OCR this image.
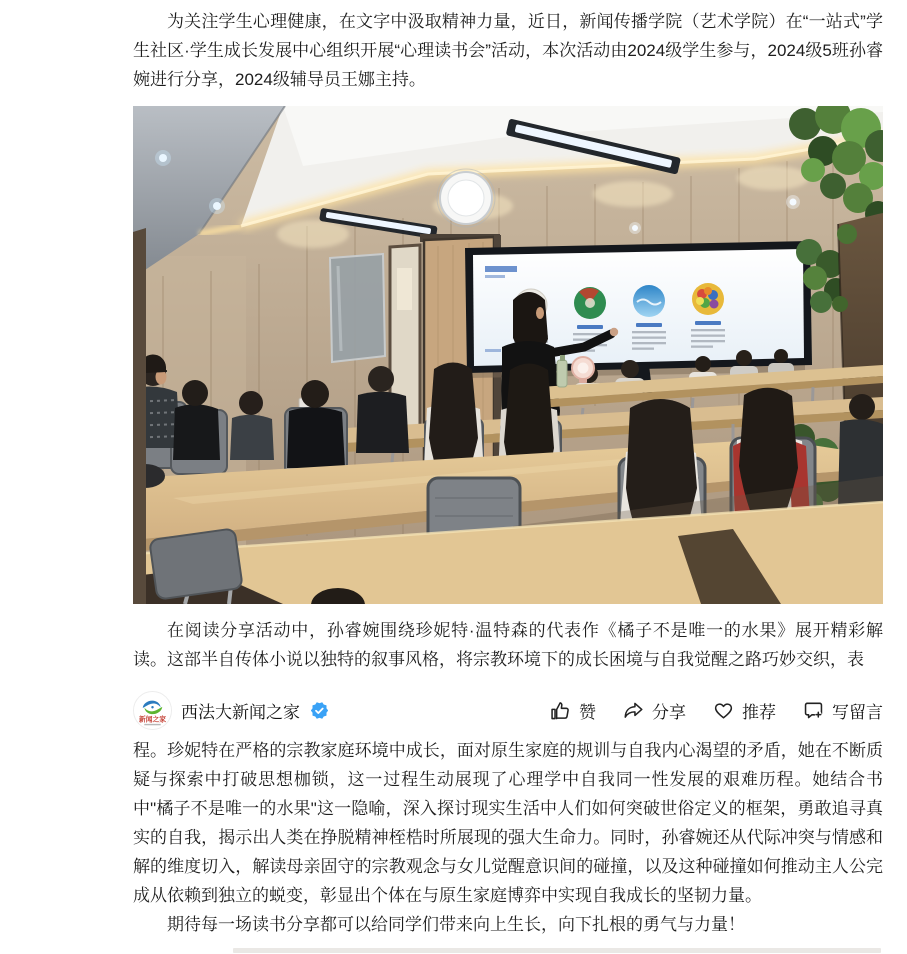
为关注学生心理健康，在文字中汲取精神力量，近日，新闻传播学院（艺术学院）在“一站式”学生社区·学生成长发展中心组织开展“心理读书会”活动，本次活动由2024级学生参与，2024级5班孙睿婉进行分享，2024级辅导员王娜主持。

在阅读分享活动中，孙睿婉围绕珍妮特·温特森的代表作《橘子不是唯一的水果》展开精彩解读。这部半自传体小说以独特的叙事风格，将宗教环境下的成长困境与自我觉醒之路巧妙交织，表

新闻之家 西法大新闻之家	赞	分享	推荐	写留言

程。珍妮特在严格的宗教家庭环境中成长，面对原生家庭的规训与自我内心渴望的矛盾，她在不断质疑与探索中打破思想枷锁，这一过程生动展现了心理学中自我同一性发展的艰难历程。她结合书中"橘子不是唯一的水果"这一隐喻，深入探讨现实生活中人们如何突破世俗定义的框架，勇敢追寻真实的自我，揭示出人类在挣脱精神桎梏时所展现的强大生命力。同时，孙睿婉还从代际冲突与情感和解的维度切入，解读母亲固守的宗教观念与女儿觉醒意识间的碰撞，以及这种碰撞如何推动主人公完成从依赖到独立的蜕变，彰显出个体在与原生家庭博弈中实现自我成长的坚韧力量。

期待每一场读书分享都可以给同学们带来向上生长，向下扎根的勇气与力量！
